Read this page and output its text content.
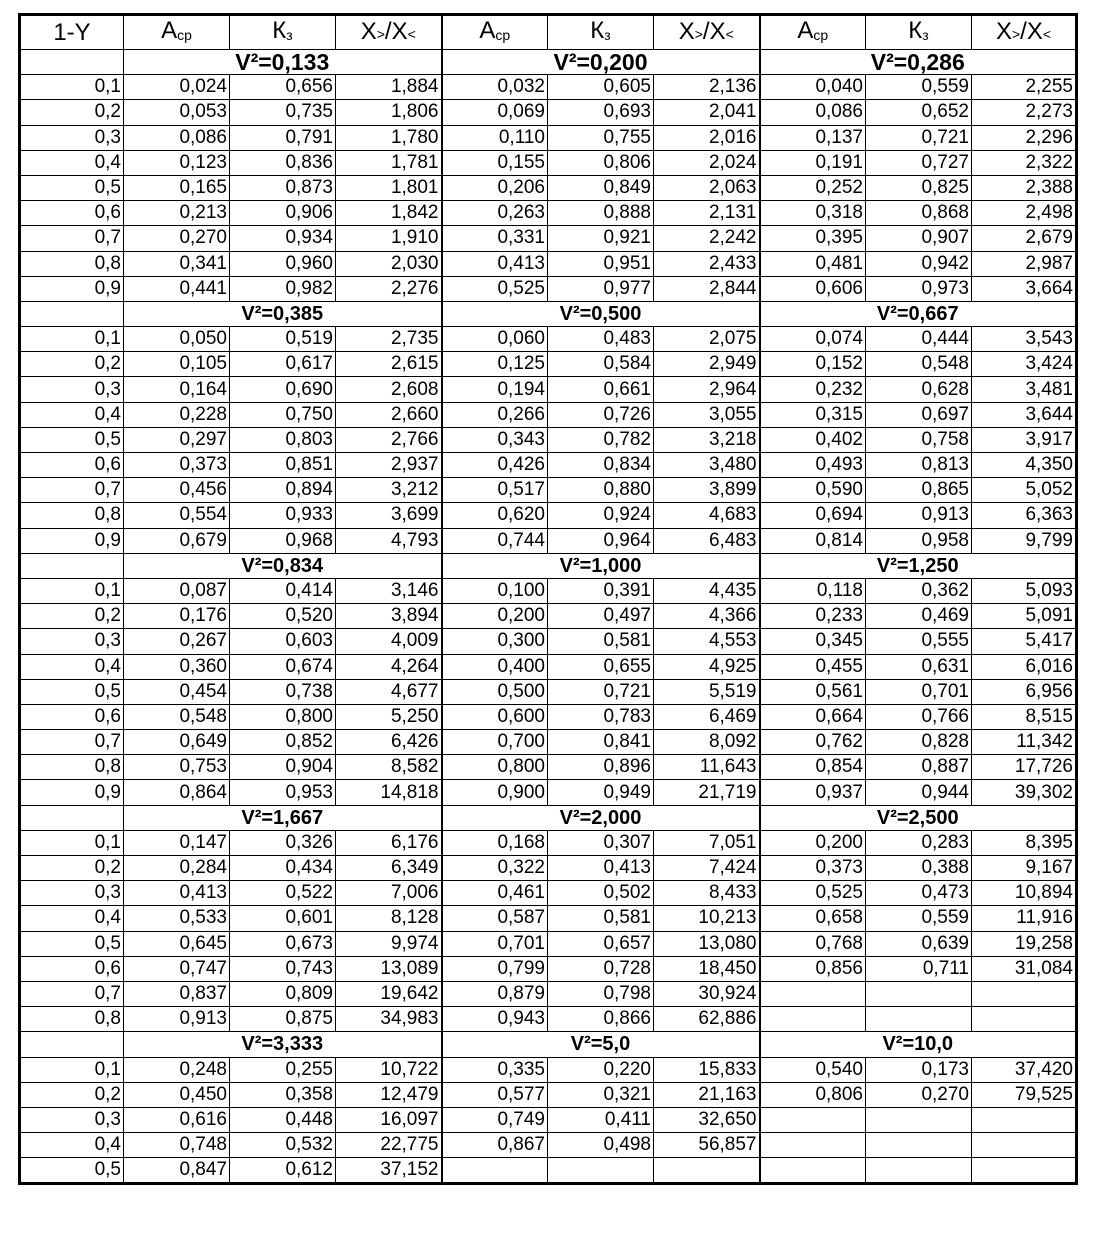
1-Y	$A_{ср}$	$К_з$	X>/X<	$A_{ср}$	$К_з$	X>/X<	$A_{ср}$	$К_з$	X>/X<
	V²=0,133			V²=0,200			V²=0,286		
0,1	0,024	0,656	1,884	0,032	0,605	2,136	0,040	0,559	2,255
0,2	0,053	0,735	1,806	0,069	0,693	2,041	0,086	0,652	2,273
0,3	0,086	0,791	1,780	0,110	0,755	2,016	0,137	0,721	2,296
0,4	0,123	0,836	1,781	0,155	0,806	2,024	0,191	0,727	2,322
0,5	0,165	0,873	1,801	0,206	0,849	2,063	0,252	0,825	2,388
0,6	0,213	0,906	1,842	0,263	0,888	2,131	0,318	0,868	2,498
0,7	0,270	0,934	1,910	0,331	0,921	2,242	0,395	0,907	2,679
0,8	0,341	0,960	2,030	0,413	0,951	2,433	0,481	0,942	2,987
0,9	0,441	0,982	2,276	0,525	0,977	2,844	0,606	0,973	3,664
	V²=0,385			V²=0,500			V²=0,667		
0,1	0,050	0,519	2,735	0,060	0,483	2,075	0,074	0,444	3,543
0,2	0,105	0,617	2,615	0,125	0,584	2,949	0,152	0,548	3,424
0,3	0,164	0,690	2,608	0,194	0,661	2,964	0,232	0,628	3,481
0,4	0,228	0,750	2,660	0,266	0,726	3,055	0,315	0,697	3,644
0,5	0,297	0,803	2,766	0,343	0,782	3,218	0,402	0,758	3,917
0,6	0,373	0,851	2,937	0,426	0,834	3,480	0,493	0,813	4,350
0,7	0,456	0,894	3,212	0,517	0,880	3,899	0,590	0,865	5,052
0,8	0,554	0,933	3,699	0,620	0,924	4,683	0,694	0,913	6,363
0,9	0,679	0,968	4,793	0,744	0,964	6,483	0,814	0,958	9,799
	V²=0,834			V²=1,000			V²=1,250		
0,1	0,087	0,414	3,146	0,100	0,391	4,435	0,118	0,362	5,093
0,2	0,176	0,520	3,894	0,200	0,497	4,366	0,233	0,469	5,091
0,3	0,267	0,603	4,009	0,300	0,581	4,553	0,345	0,555	5,417
0,4	0,360	0,674	4,264	0,400	0,655	4,925	0,455	0,631	6,016
0,5	0,454	0,738	4,677	0,500	0,721	5,519	0,561	0,701	6,956
0,6	0,548	0,800	5,250	0,600	0,783	6,469	0,664	0,766	8,515
0,7	0,649	0,852	6,426	0,700	0,841	8,092	0,762	0,828	11,342
0,8	0,753	0,904	8,582	0,800	0,896	11,643	0,854	0,887	17,726
0,9	0,864	0,953	14,818	0,900	0,949	21,719	0,937	0,944	39,302
	V²=1,667			V²=2,000			V²=2,500		
0,1	0,147	0,326	6,176	0,168	0,307	7,051	0,200	0,283	8,395
0,2	0,284	0,434	6,349	0,322	0,413	7,424	0,373	0,388	9,167
0,3	0,413	0,522	7,006	0,461	0,502	8,433	0,525	0,473	10,894
0,4	0,533	0,601	8,128	0,587	0,581	10,213	0,658	0,559	11,916
0,5	0,645	0,673	9,974	0,701	0,657	13,080	0,768	0,639	19,258
0,6	0,747	0,743	13,089	0,799	0,728	18,450	0,856	0,711	31,084
0,7	0,837	0,809	19,642	0,879	0,798	30,924			
0,8	0,913	0,875	34,983	0,943	0,866	62,886			
	V²=3,333			V²=5,0			V²=10,0		
0,1	0,248	0,255	10,722	0,335	0,220	15,833	0,540	0,173	37,420
0,2	0,450	0,358	12,479	0,577	0,321	21,163	0,806	0,270	79,525
0,3	0,616	0,448	16,097	0,749	0,411	32,650			
0,4	0,748	0,532	22,775	0,867	0,498	56,857			
0,5	0,847	0,612	37,152						
